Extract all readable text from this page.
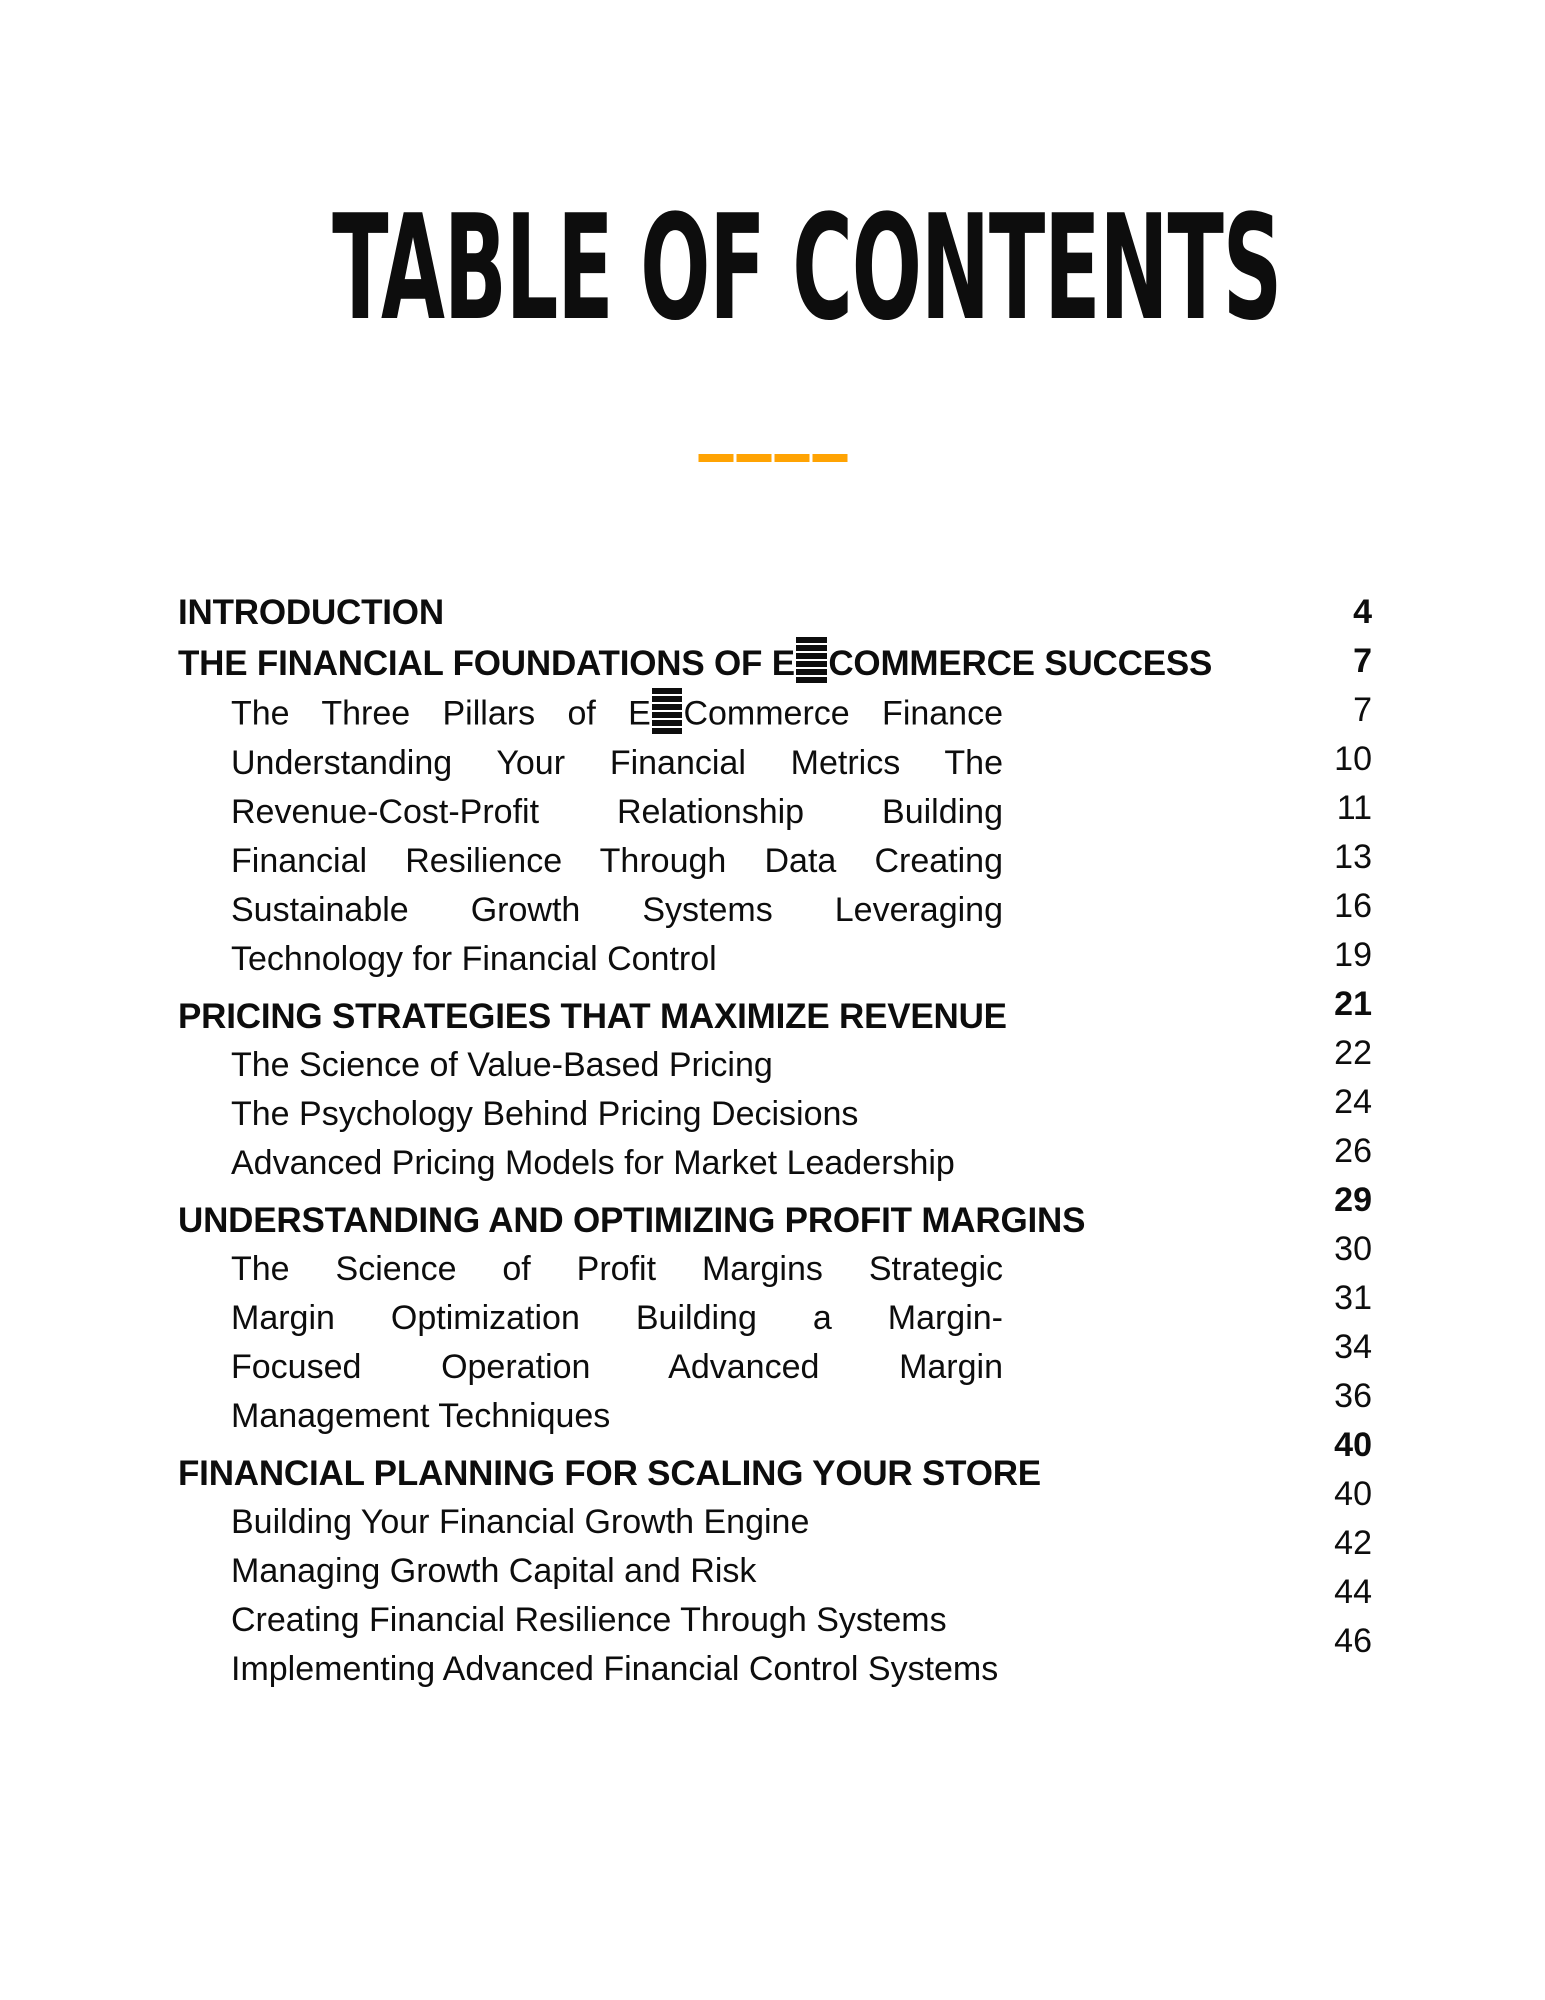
TABLE OF CONTENTS
INTRODUCTION
THE FINANCIAL FOUNDATIONS OF E COMMERCE SUCCESS
The Three Pillars of E Commerce Finance
Understanding Your Financial Metrics The
Revenue-Cost-Profit Relationship Building
Financial Resilience Through Data Creating
Sustainable Growth Systems Leveraging
Technology for Financial Control
PRICING STRATEGIES THAT MAXIMIZE REVENUE
The Science of Value-Based Pricing
The Psychology Behind Pricing Decisions
Advanced Pricing Models for Market Leadership
UNDERSTANDING AND OPTIMIZING PROFIT MARGINS
The Science of Profit Margins Strategic
Margin Optimization Building a Margin-
Focused Operation Advanced Margin
Management Techniques
FINANCIAL PLANNING FOR SCALING YOUR STORE
Building Your Financial Growth Engine
Managing Growth Capital and Risk
Creating Financial Resilience Through Systems
Implementing Advanced Financial Control Systems
4
7
7
10
11
13
16
19
21
22
24
26
29
30
31
34
36
40
40
42
44
46
